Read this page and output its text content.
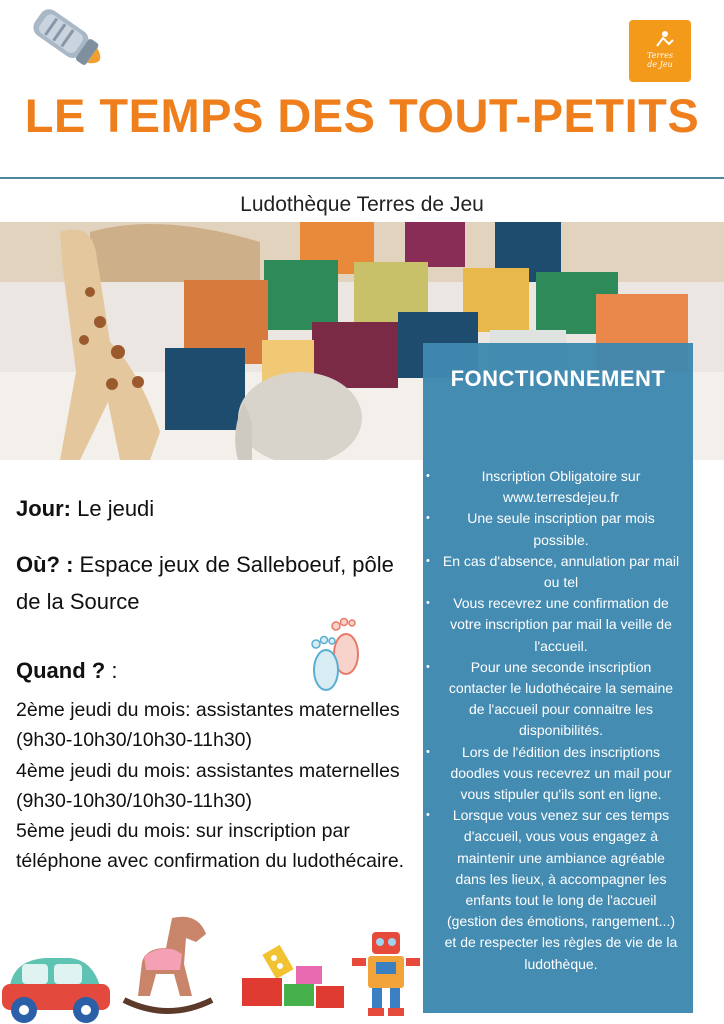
Terres
de Jeu
LE TEMPS DES TOUT-PETITS
Ludothèque Terres de Jeu
FONCTIONNEMENT
• Inscription Obligatoire sur www.terresdejeu.fr
• Une seule inscription par mois possible.
• En cas d'absence, annulation par mail ou tel
• Vous recevrez une confirmation de votre inscription par mail la veille de l'accueil.
• Pour une seconde inscription contacter le ludothécaire la semaine de l'accueil pour connaitre les disponibilités.
• Lors de l'édition des inscriptions doodles vous recevrez un mail pour vous stipuler qu'ils sont en ligne.
• Lorsque vous venez sur ces temps d'accueil, vous vous engagez à maintenir une ambiance agréable dans les lieux, à accompagner les enfants tout le long de l'accueil (gestion des émotions, rangement...) et de respecter les règles de vie de la ludothèque.
Jour: Le jeudi
Où? : Espace jeux de Salleboeuf, pôle de la Source
Quand ? :
2ème jeudi du mois: assistantes maternelles (9h30-10h30/10h30-11h30)
4ème jeudi du mois: assistantes maternelles (9h30-10h30/10h30-11h30)
5ème jeudi du mois: sur inscription par téléphone avec confirmation du ludothécaire.
